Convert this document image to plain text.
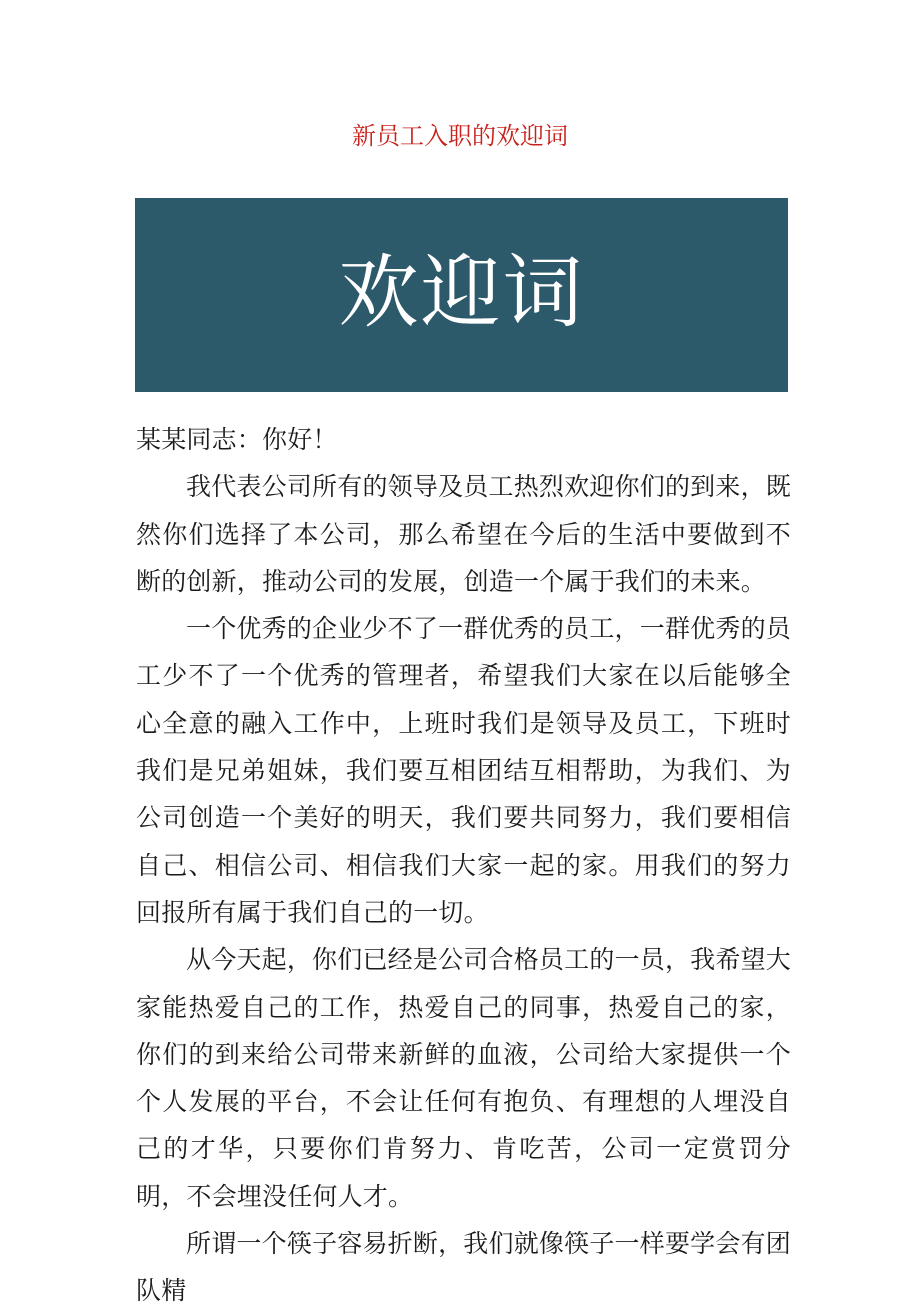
新员工入职的欢迎词
欢迎词

某某同志：你好！

我代表公司所有的领导及员工热烈欢迎你们的到来，既然你们选择了本公司，那么希望在今后的生活中要做到不断的创新，推动公司的发展，创造一个属于我们的未来。

一个优秀的企业少不了一群优秀的员工，一群优秀的员工少不了一个优秀的管理者，希望我们大家在以后能够全心全意的融入工作中，上班时我们是领导及员工，下班时我们是兄弟姐妹，我们要互相团结互相帮助，为我们、为公司创造一个美好的明天，我们要共同努力，我们要相信自己、相信公司、相信我们大家一起的家。用我们的努力回报所有属于我们自己的一切。

从今天起，你们已经是公司合格员工的一员，我希望大家能热爱自己的工作，热爱自己的同事，热爱自己的家，你们的到来给公司带来新鲜的血液，公司给大家提供一个个人发展的平台，不会让任何有抱负、有理想的人埋没自己的才华，只要你们肯努力、肯吃苦，公司一定赏罚分明，不会埋没任何人才。

所谓一个筷子容易折断，我们就像筷子一样要学会有团队精
